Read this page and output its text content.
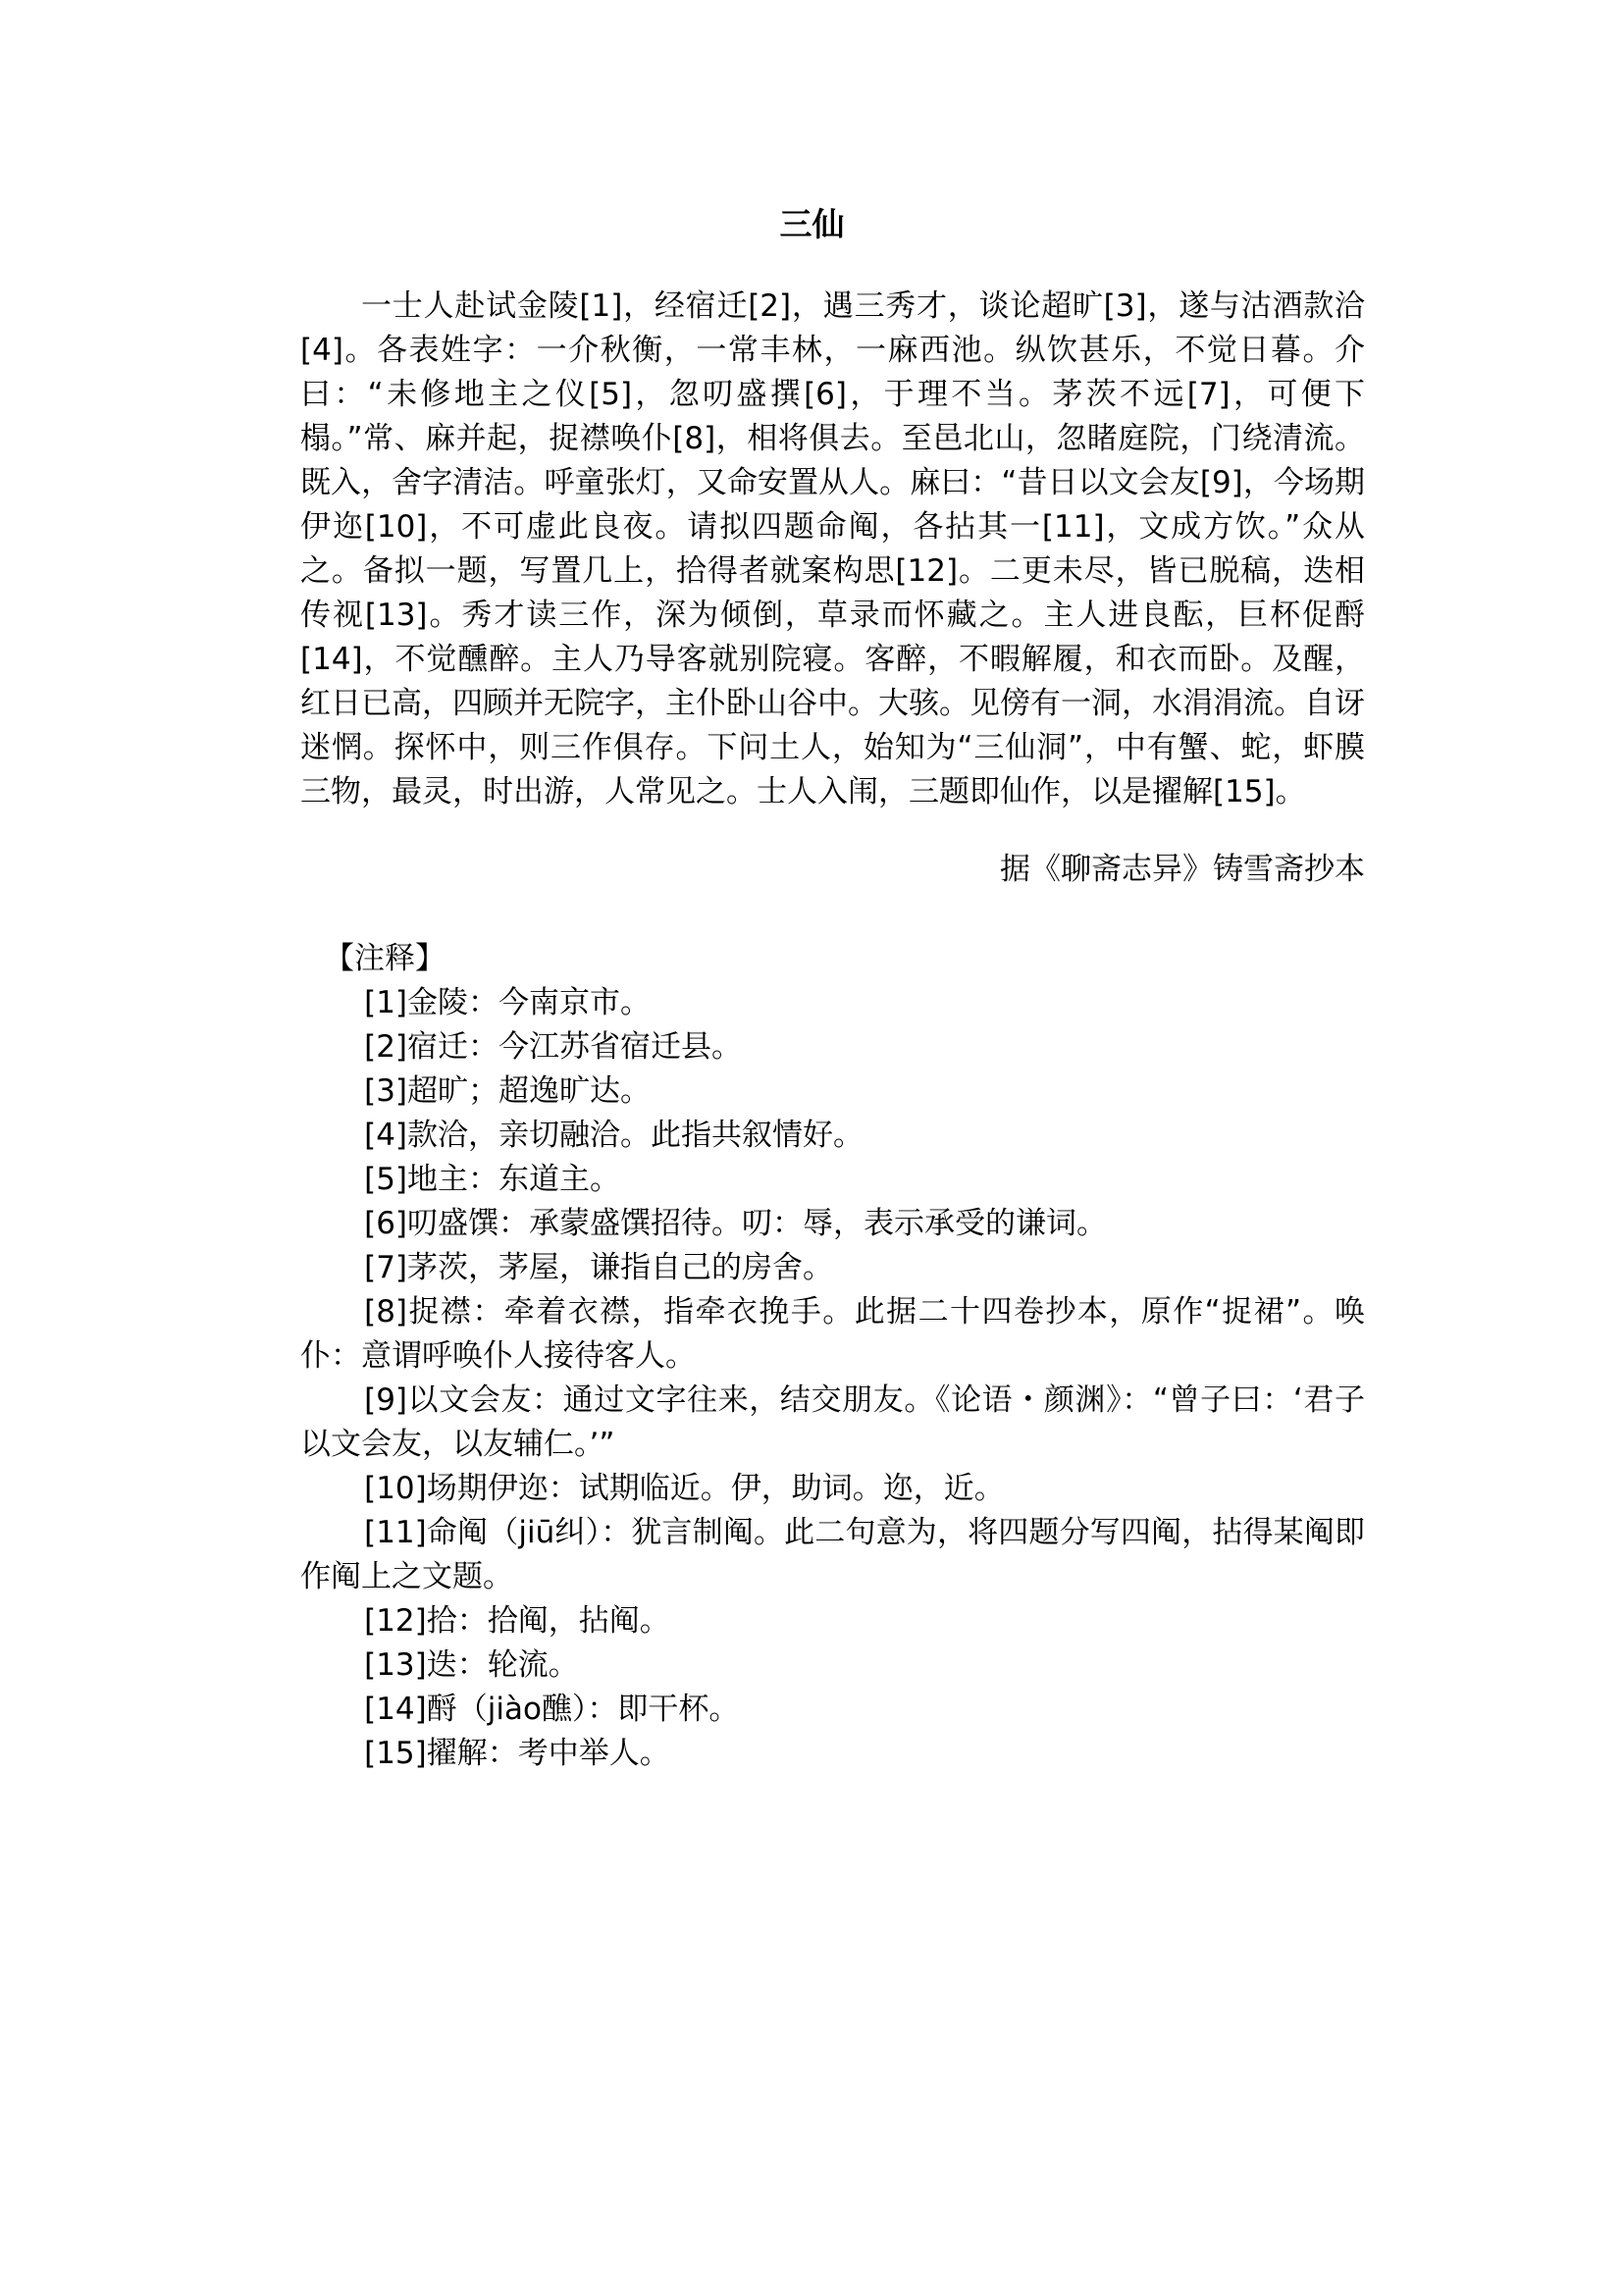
三仙

一士人赴试金陵[1]，经宿迁[2]，遇三秀才，谈论超旷[3]，遂与沽酒款洽[4]。各表姓字：一介秋衡，一常丰林，一麻西池。纵饮甚乐，不觉日暮。介曰：“未修地主之仪[5]，忽叨盛撰[6]，于理不当。茅茨不远[7]，可便下榻。”常、麻并起，捉襟唤仆[8]，相将俱去。至邑北山，忽睹庭院，门绕清流。既入，舍字清洁。呼童张灯，又命安置从人。麻曰：“昔日以文会友[9]，今场期伊迩[10]，不可虚此良夜。请拟四题命阄，各拈其一[11]，文成方饮。”众从之。备拟一题，写置几上，拾得者就案构思[12]。二更未尽，皆已脱稿，迭相传视[13]。秀才读三作，深为倾倒，草录而怀藏之。主人进良酝，巨杯促酹[14]，不觉醺醉。主人乃导客就别院寝。客醉，不暇解履，和衣而卧。及醒，红日已高，四顾并无院字，主仆卧山谷中。大骇。见傍有一洞，水涓涓流。自讶迷惘。探怀中，则三作俱存。下问土人，始知为“三仙洞”，中有蟹、蛇，虾膜三物，最灵，时出游，人常见之。士人入闱，三题即仙作，以是擢解[15]。

据《聊斋志异》铸雪斋抄本
【注释】
[1]金陵：今南京市。
[2]宿迁：今江苏省宿迁县。
[3]超旷；超逸旷达。
[4]款洽，亲切融洽。此指共叙情好。
[5]地主：东道主。
[6]叨盛馔：承蒙盛馔招待。叨：辱，表示承受的谦词。
[7]茅茨，茅屋，谦指自己的房舍。
[8]捉襟：牵着衣襟，指牵衣挽手。此据二十四卷抄本，原作“捉裙”。唤仆：意谓呼唤仆人接待客人。
[9]以文会友：通过文字往来，结交朋友。《论语・颜渊》：“曾子曰：‘君子以文会友，以友辅仁。’”
[10]场期伊迩：试期临近。伊，助词。迩，近。
[11]命阄（jiū纠）：犹言制阄。此二句意为，将四题分写四阄，拈得某阄即作阄上之文题。
[12]拾：拾阄，拈阄。
[13]迭：轮流。
[14]酹（jiào醮）：即干杯。
[15]擢解：考中举人。
